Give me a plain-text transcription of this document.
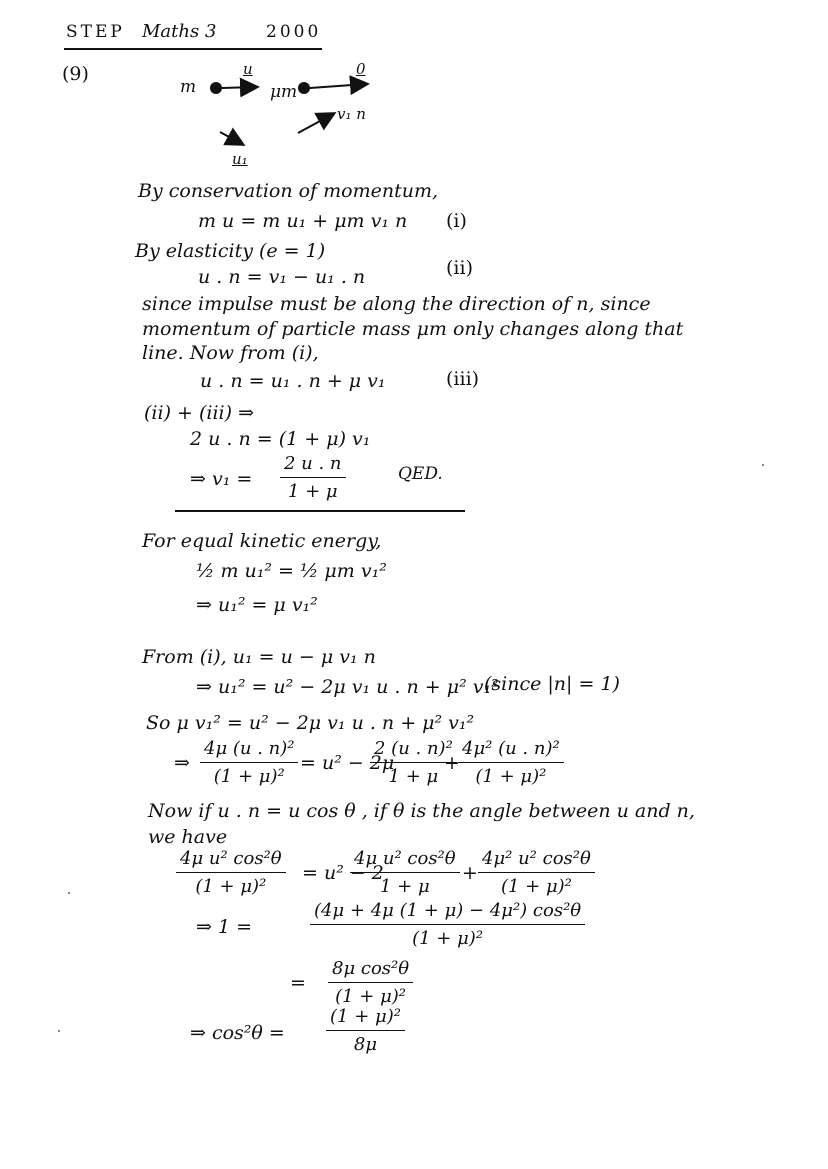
STEP Maths 3	2000
(9)
m
u
μm
0
v₁ n
u₁
By conservation of momentum,
m u = m u₁ + μm v₁ n (i)
By elasticity (e = 1)
u . n = v₁ − u₁ . n	(ii)
since impulse must be along the direction of n, since
momentum of particle mass μm only changes along that
line. Now from (i),
u . n = u₁ . n + μ v₁	(iii)
(ii) + (iii) ⇒
2 u . n = (1 + μ) v₁
⇒ $v_1 = \frac{2 u . n}{1 + \mu}$	QED.
For equal kinetic energy,
½ m u₁² = ½ μm v₁²
⇒ u₁² = μ v₁²
From (i), u₁ = u − μ v₁ n
⇒ u₁² = u² − 2μ v₁ u . n + μ² v₁²
(since |n| = 1)
So μ v₁² = u² − 2μ v₁ u . n + μ² v₁²
⇒ $\frac{\text{4μ (u . n)²}}{\text{(1 + μ)²}} = u^2 - 2\mu$
$\frac{\text{2 (u . n)²}}{1 + \mu}$
+
$\frac{\text{4μ² (u . n)²}}{\text{(1 + μ)²}}$
Now if u . n = u cos θ , if θ is the angle between u and n,
we have
$\frac{\text{4μ u² cos²θ}}{\text{(1 + μ)²}} = u^2 - 2$
$\frac{\text{4μ u² cos²θ}}{1 + \mu} + \frac{\text{4μ² u² cos²θ}}{\text{(1 + μ)²}}$
⇒ 1 =	$\frac{\text{(4μ + 4μ (1 + μ) − 4μ²) cos²θ}}{\text{(1 + μ)²}}$
= $\frac{\text{8μ cos²θ}}{\text{(1 + μ)²}}$
⇒ $\cos^2\theta = \frac{\text{(1 + μ)²}}{8\mu}$
